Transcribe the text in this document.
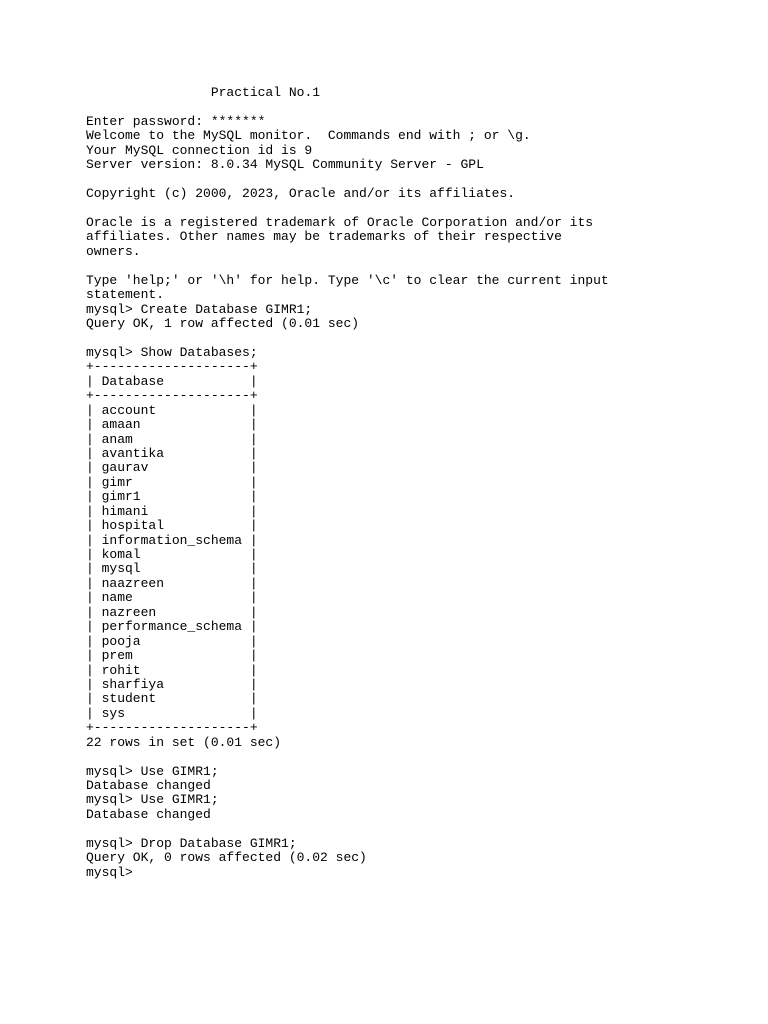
Practical No.1
Enter password: *******
Welcome to the MySQL monitor.  Commands end with ; or \g.
Your MySQL connection id is 9
Server version: 8.0.34 MySQL Community Server - GPL
Copyright (c) 2000, 2023, Oracle and/or its affiliates.
Oracle is a registered trademark of Oracle Corporation and/or its
affiliates. Other names may be trademarks of their respective
owners.
Type 'help;' or '\h' for help. Type '\c' to clear the current input
statement.
mysql> Create Database GIMR1;
Query OK, 1 row affected (0.01 sec)
mysql> Show Databases;
+--------------------+
| Database           |
+--------------------+
| account            |
| amaan              |
| anam               |
| avantika           |
| gaurav             |
| gimr               |
| gimr1              |
| himani             |
| hospital           |
| information_schema |
| komal              |
| mysql              |
| naazreen           |
| name               |
| nazreen            |
| performance_schema |
| pooja              |
| prem               |
| rohit              |
| sharfiya           |
| student            |
| sys                |
+--------------------+
22 rows in set (0.01 sec)
mysql> Use GIMR1;
Database changed
mysql> Use GIMR1;
Database changed
mysql> Drop Database GIMR1;
Query OK, 0 rows affected (0.02 sec)
mysql>
